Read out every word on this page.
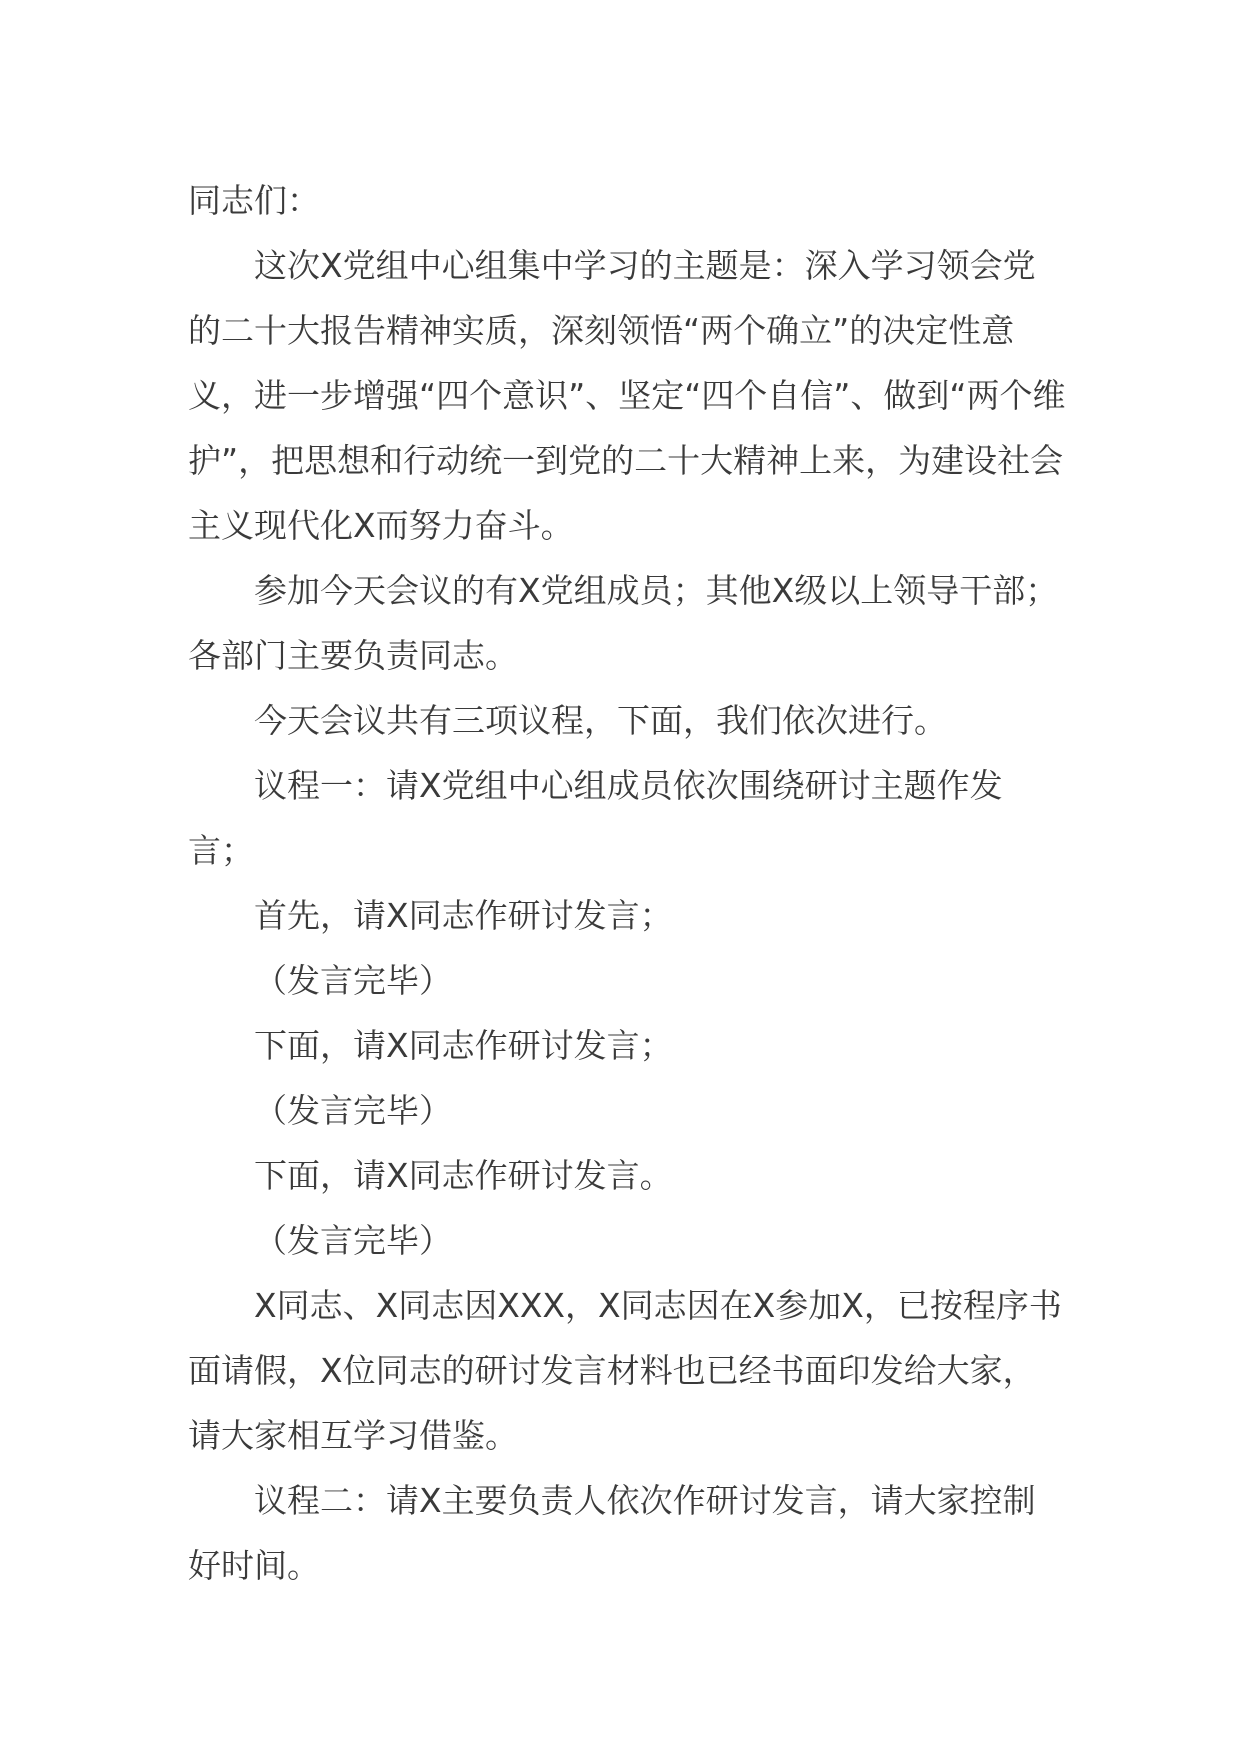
同志们：

这次X党组中心组集中学习的主题是：深入学习领会党的二十大报告精神实质，深刻领悟“两个确立”的决定性意义，进一步增强“四个意识”、坚定“四个自信”、做到“两个维护”，把思想和行动统一到党的二十大精神上来，为建设社会主义现代化X而努力奋斗。

参加今天会议的有X党组成员；其他X级以上领导干部；各部门主要负责同志。

今天会议共有三项议程，下面，我们依次进行。

议程一：请X党组中心组成员依次围绕研讨主题作发言；

首先，请X同志作研讨发言；

（发言完毕）

下面，请X同志作研讨发言；

（发言完毕）

下面，请X同志作研讨发言。

（发言完毕）

X同志、X同志因XXX，X同志因在X参加X，已按程序书面请假，X位同志的研讨发言材料也已经书面印发给大家，请大家相互学习借鉴。

议程二：请X主要负责人依次作研讨发言，请大家控制好时间。
